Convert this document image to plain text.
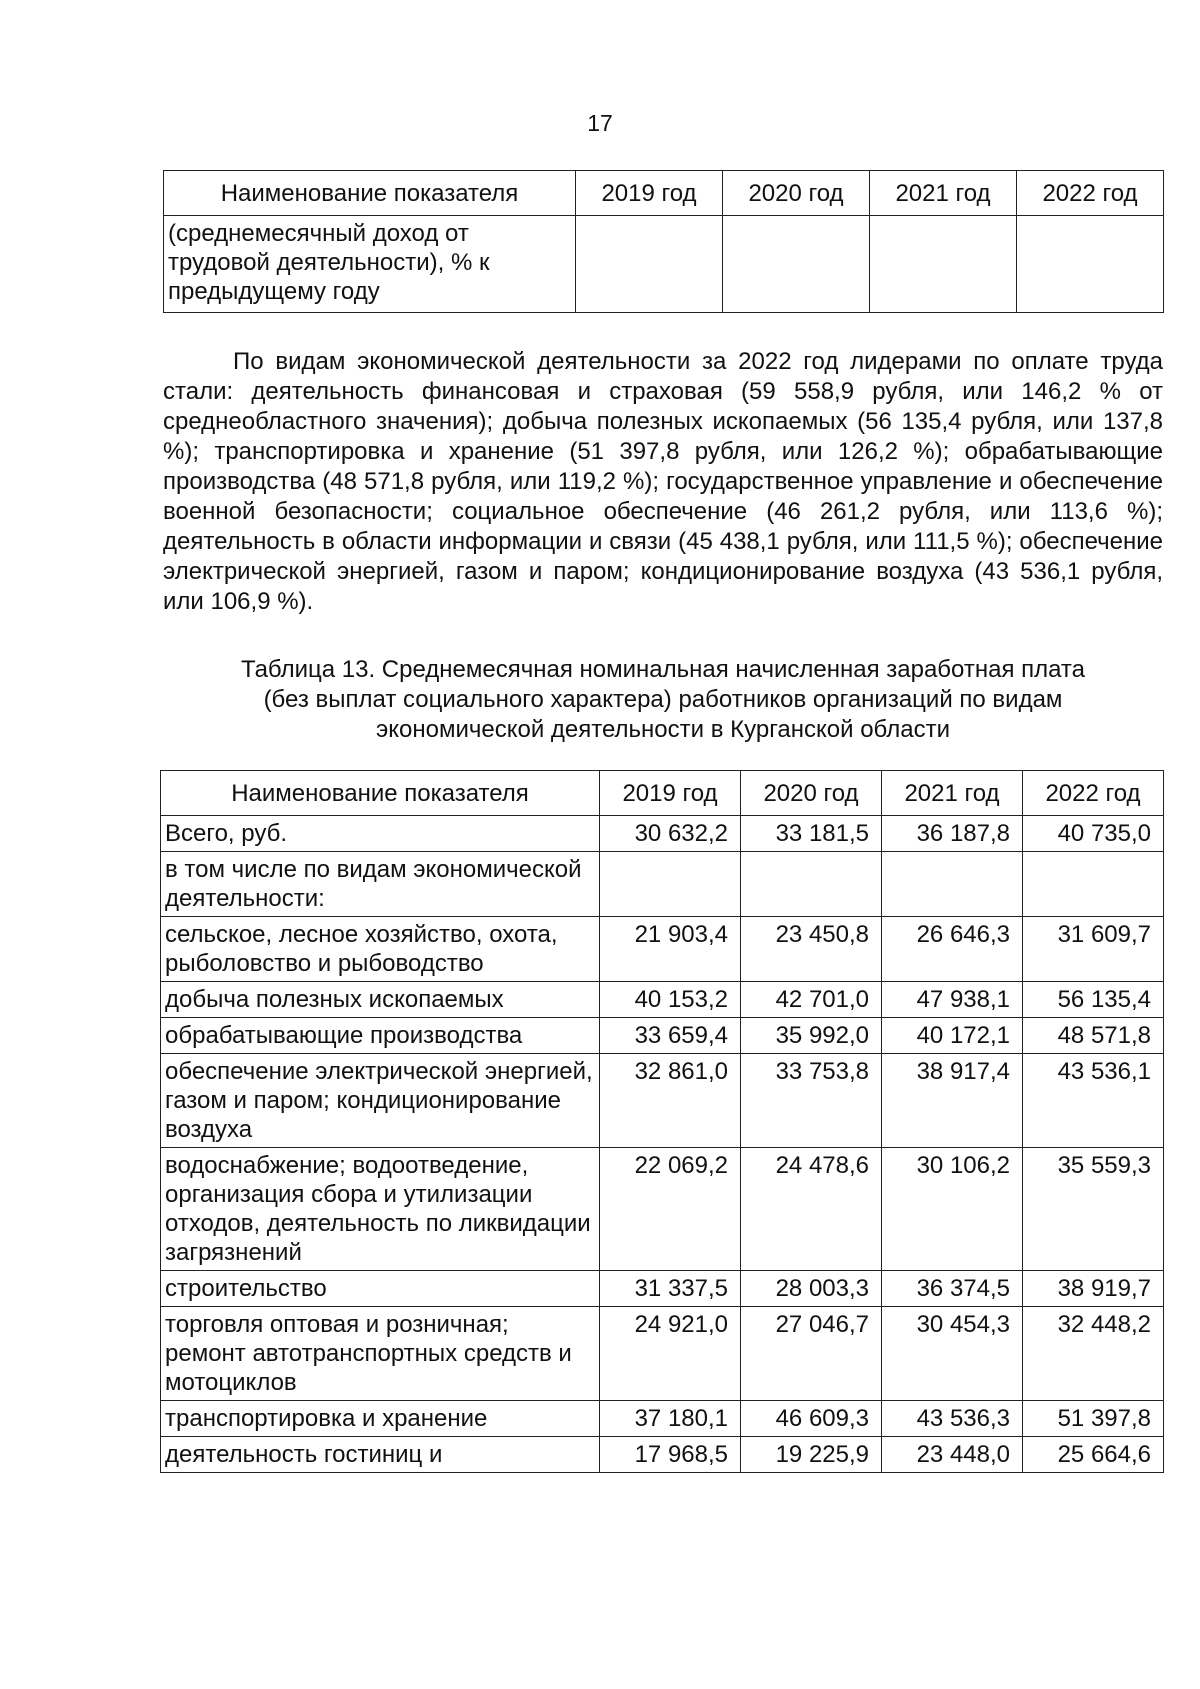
17
Наименование показателя	2019 год	2020 год	2021 год	2022 год
(среднемесячный доход от трудовой деятельности), % к предыдущему году				

По видам экономической деятельности за 2022 год лидерами по оплате труда стали: деятельность финансовая и страховая (59 558,9 рубля, или 146,2 % от среднеобластного значения); добыча полезных ископаемых (56 135,4 рубля, или 137,8 %); транспортировка и хранение (51 397,8 рубля, или 126,2 %); обрабатывающие производства (48 571,8 рубля, или 119,2 %); государственное управление и обеспечение военной безопасности; социальное обеспечение (46 261,2 рубля, или 113,6 %); деятельность в области информации и связи (45 438,1 рубля, или 111,5 %); обеспечение электрической энергией, газом и паром; кондиционирование воздуха (43 536,1 рубля, или 106,9 %).

Таблица 13. Среднемесячная номинальная начисленная заработная плата
(без выплат социального характера) работников организаций по видам
экономической деятельности в Курганской области
Наименование показателя	2019 год	2020 год	2021 год	2022 год
Всего, руб.	30 632,2	33 181,5	36 187,8	40 735,0
в том числе по видам экономической деятельности:				
сельское, лесное хозяйство, охота, рыболовство и рыбоводство	21 903,4	23 450,8	26 646,3	31 609,7
добыча полезных ископаемых	40 153,2	42 701,0	47 938,1	56 135,4
обрабатывающие производства	33 659,4	35 992,0	40 172,1	48 571,8
обеспечение электрической энергией, газом и паром; кондиционирование воздуха	32 861,0	33 753,8	38 917,4	43 536,1
водоснабжение; водоотведение, организация сбора и утилизации отходов, деятельность по ликвидации загрязнений	22 069,2	24 478,6	30 106,2	35 559,3
строительство	31 337,5	28 003,3	36 374,5	38 919,7
торговля оптовая и розничная; ремонт автотранспортных средств и мотоциклов	24 921,0	27 046,7	30 454,3	32 448,2
транспортировка и хранение	37 180,1	46 609,3	43 536,3	51 397,8
деятельность гостиниц и	17 968,5	19 225,9	23 448,0	25 664,6
